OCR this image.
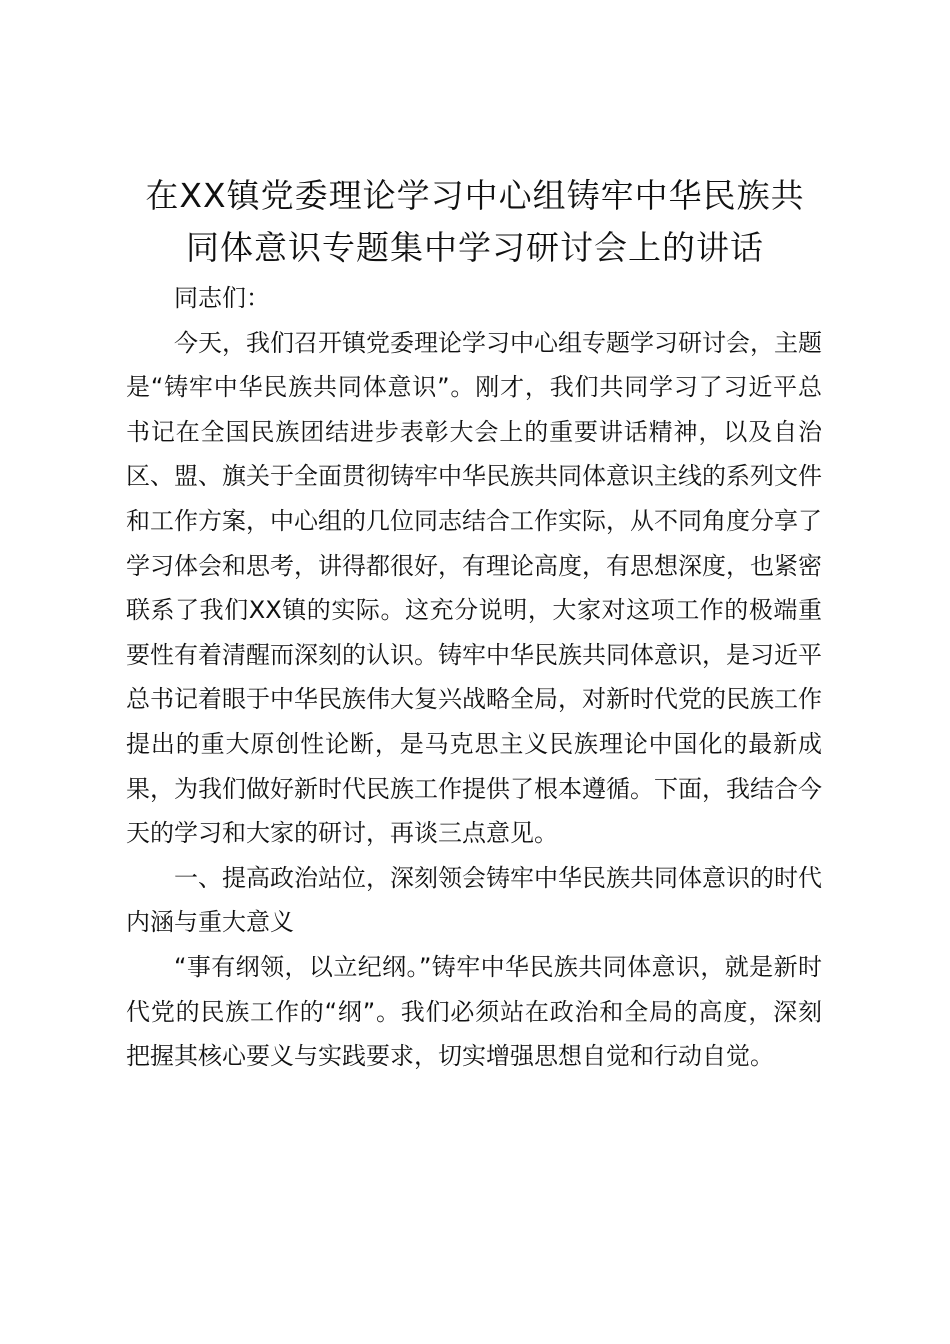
在XX镇党委理论学习中心组铸牢中华民族共
同体意识专题集中学习研讨会上的讲话

同志们：

今天，我们召开镇党委理论学习中心组专题学习研讨会，主题是“铸牢中华民族共同体意识”。刚才，我们共同学习了习近平总书记在全国民族团结进步表彰大会上的重要讲话精神，以及自治区、盟、旗关于全面贯彻铸牢中华民族共同体意识主线的系列文件和工作方案，中心组的几位同志结合工作实际，从不同角度分享了学习体会和思考，讲得都很好，有理论高度，有思想深度，也紧密联系了我们XX镇的实际。这充分说明，大家对这项工作的极端重要性有着清醒而深刻的认识。铸牢中华民族共同体意识，是习近平总书记着眼于中华民族伟大复兴战略全局，对新时代党的民族工作提出的重大原创性论断，是马克思主义民族理论中国化的最新成果，为我们做好新时代民族工作提供了根本遵循。下面，我结合今天的学习和大家的研讨，再谈三点意见。

一、提高政治站位，深刻领会铸牢中华民族共同体意识的时代内涵与重大意义

“事有纲领，以立纪纲。”铸牢中华民族共同体意识，就是新时代党的民族工作的“纲”。我们必须站在政治和全局的高度，深刻把握其核心要义与实践要求，切实增强思想自觉和行动自觉。
